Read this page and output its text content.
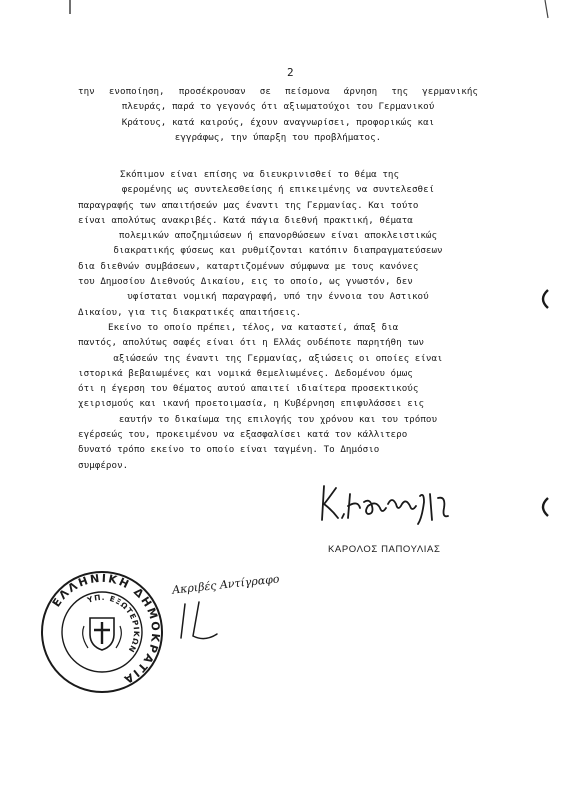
2
την ενοποίηση, προσέκρουσαν σε πείσμονα άρνηση της γερμανικής
πλευράς, παρά το γεγονός ότι αξιωματούχοι του Γερμανικού
Κράτους, κατά καιρούς, έχουν αναγνωρίσει, προφορικώς και
εγγράφως, την ύπαρξη του προβλήματος.
Σκόπιμον είναι επίσης να διευκρινισθεί το θέμα της
φερομένης ως συντελεσθείσης ή επικειμένης να συντελεσθεί
παραγραφής των απαιτήσεών μας έναντι της Γερμανίας. Και τούτο
είναι απολύτως ανακριβές. Κατά πάγια διεθνή πρακτική, θέματα
πολεμικών αποζημιώσεων ή επανορθώσεων είναι αποκλειστικώς
διακρατικής φύσεως και ρυθμίζονται κατόπιν διαπραγματεύσεων
δια διεθνών συμβάσεων, καταρτιζομένων σύμφωνα με τους κανόνες
του Δημοσίου Διεθνούς Δικαίου, εις το οποίο, ως γνωστόν, δεν
υφίσταται νομική παραγραφή, υπό την έννοια του Αστικού
Δικαίου, για τις διακρατικές απαιτήσεις.
Εκείνο το οποίο πρέπει, τέλος, να καταστεί, άπαξ δια
παντός, απολύτως σαφές είναι ότι η Ελλάς ουδέποτε παρητήθη των
αξιώσεών της έναντι της Γερμανίας, αξιώσεις οι οποίες είναι
ιστορικά βεβαιωμένες και νομικά θεμελιωμένες. Δεδομένου όμως
ότι η έγερση του θέματος αυτού απαιτεί ιδιαίτερα προσεκτικούς
χειρισμούς και ικανή προετοιμασία, η Κυβέρνηση επιφυλάσσει εις
εαυτήν το δικαίωμα της επιλογής του χρόνου και του τρόπου
εγέρσεώς του, προκειμένου να εξασφαλίσει κατά τον κάλλιτερο
δυνατό τρόπο εκείνο το οποίο είναι ταγμένη. Το Δημόσιο
συμφέρον.
ΚΑΡΟΛΟΣ ΠΑΠΟΥΛΙΑΣ
ΕΛΛΗΝΙΚΗ ΔΗΜΟΚΡΑΤΙΑ
ΥΠ. ΕΞΩΤΕΡΙΚΩΝ
Ακριβές Αντίγραφο
